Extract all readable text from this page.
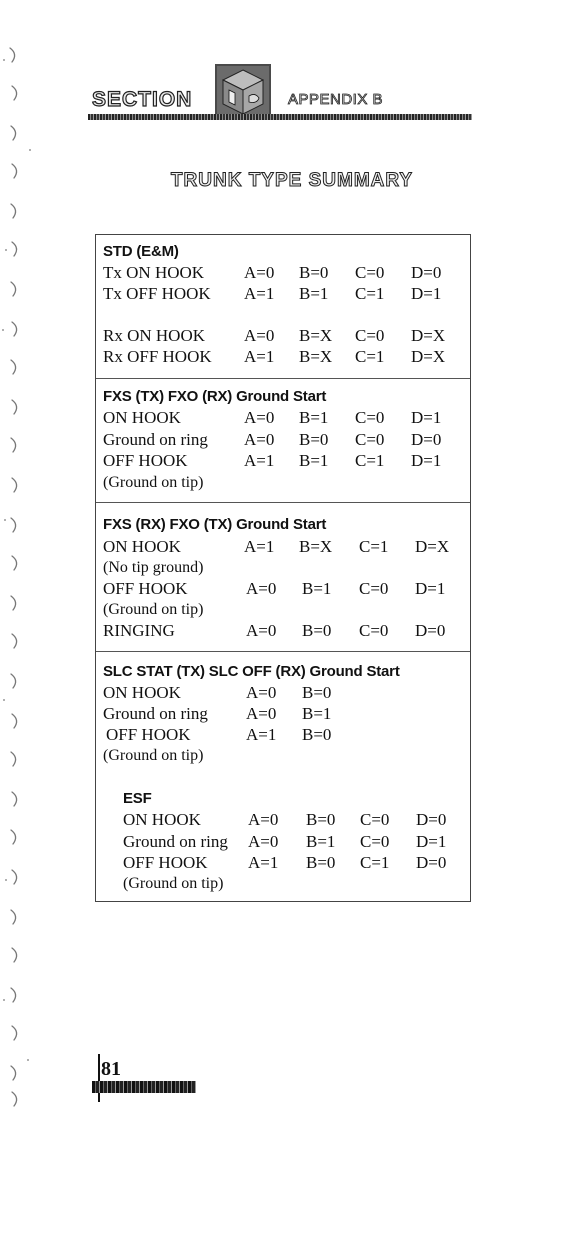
SECTION	APPENDIX B
TRUNK TYPE SUMMARY
STD (E&M)
Tx ON HOOK A=0 B=0 C=0 D=0
Tx OFF HOOK A=1 B=1 C=1 D=1
Rx ON HOOK A=0 B=X C=0 D=X
Rx OFF HOOK A=1 B=X C=1 D=X
FXS (TX) FXO (RX) Ground Start
ON HOOK	A=0 B=1 C=0 D=1
Ground on ring A=0 B=0 C=0 D=0
OFF HOOK	A=1 B=1 C=1 D=1
(Ground on tip)
FXS (RX) FXO (TX) Ground Start
ON HOOK	A=1 B=X C=1 D=X
(No tip ground)
OFF HOOK	A=0 B=1 C=0 D=1
(Ground on tip)
RINGING	A=0 B=0 C=0 D=0
SLC STAT (TX) SLC OFF (RX) Ground Start
ON HOOK	A=0 B=0
Ground on ring A=0 B=1
OFF HOOK	A=1 B=0
(Ground on tip)
ESF
ON HOOK	A=0 B=0 C=0 D=0
Ground on ring A=0 B=1 C=0 D=1
OFF HOOK A=1 B=0 C=1 D=0
(Ground on tip)
81
